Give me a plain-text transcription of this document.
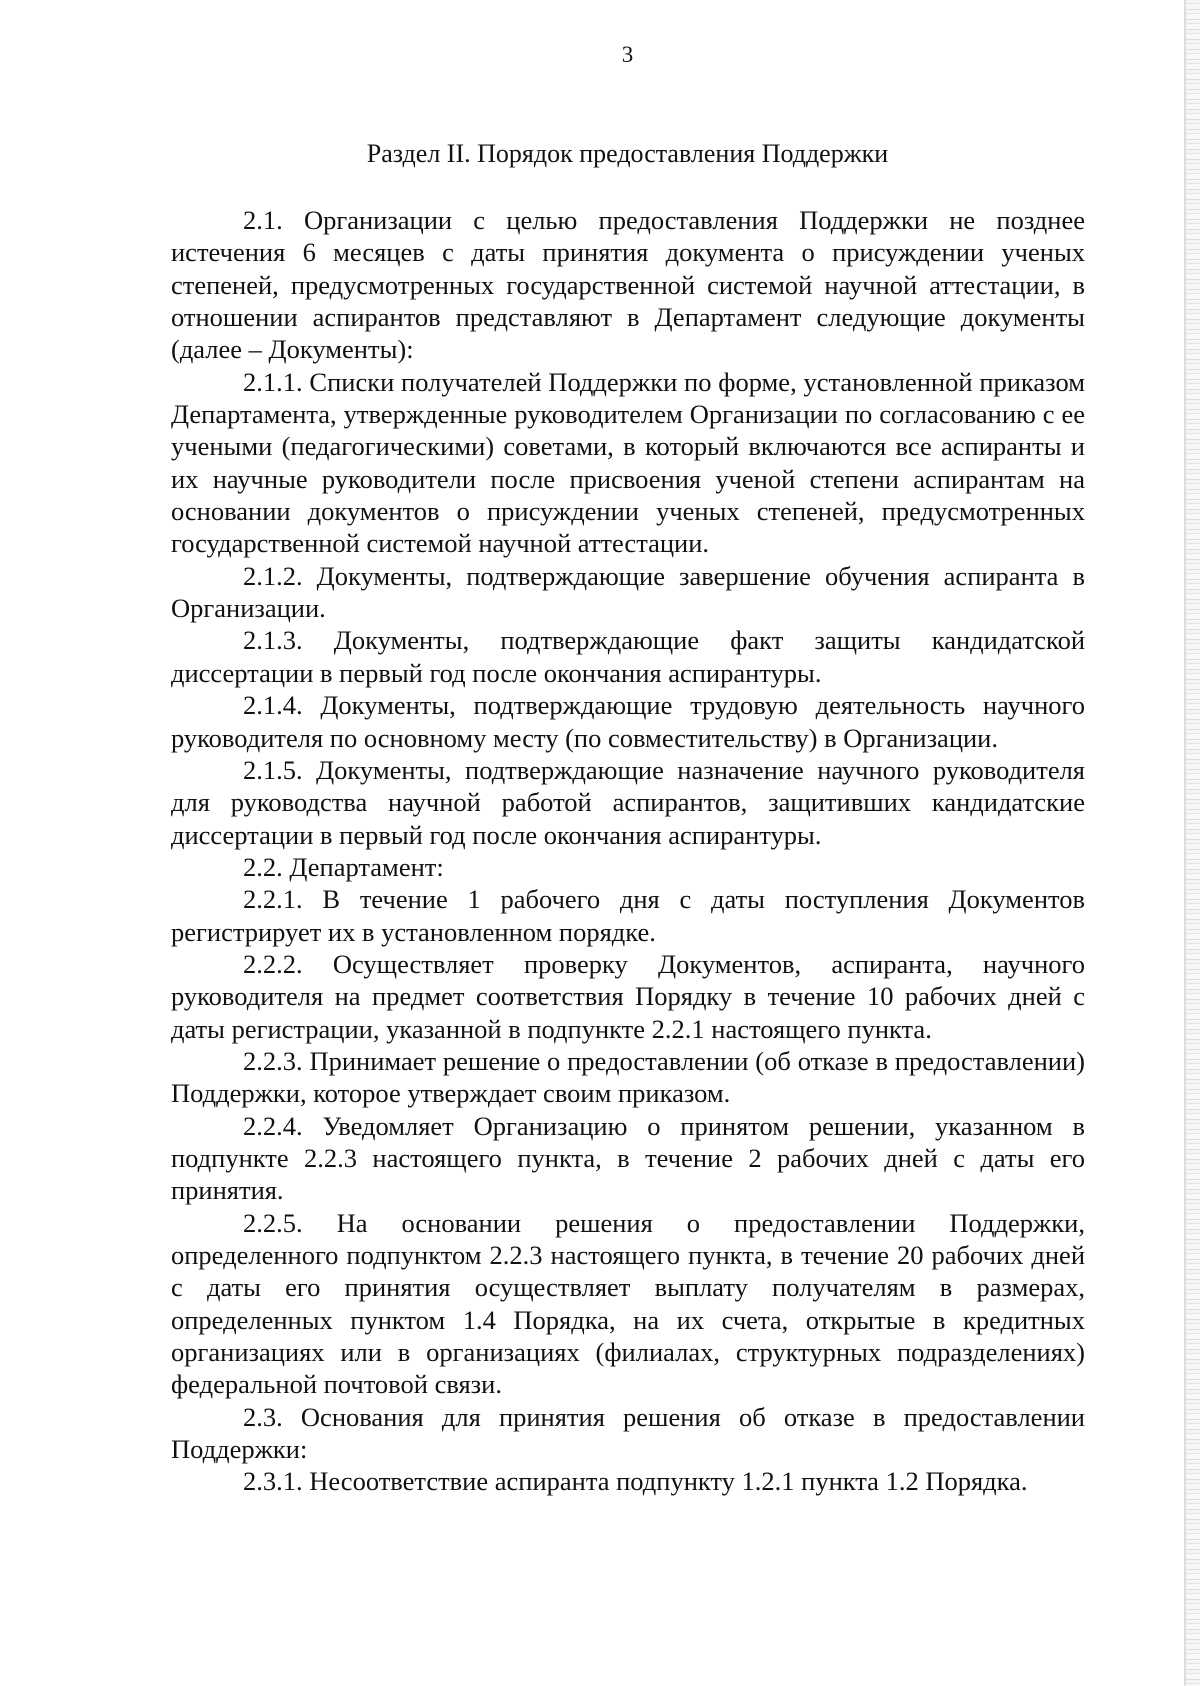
3
Раздел II. Порядок предоставления Поддержки

2.1. Организации с целью предоставления Поддержки не позднее истечения 6 месяцев с даты принятия документа о присуждении ученых степеней, предусмотренных государственной системой научной аттестации, в отношении аспирантов представляют в Департамент следующие документы (далее – Документы):

2.1.1. Списки получателей Поддержки по форме, установленной приказом Департамента, утвержденные руководителем Организации по согласованию с ее учеными (педагогическими) советами, в который включаются все аспиранты и их научные руководители после присвоения ученой степени аспирантам на основании документов о присуждении ученых степеней, предусмотренных государственной системой научной аттестации.

2.1.2. Документы, подтверждающие завершение обучения аспиранта в Организации.

2.1.3. Документы, подтверждающие факт защиты кандидатской диссертации в первый год после окончания аспирантуры.

2.1.4. Документы, подтверждающие трудовую деятельность научного руководителя по основному месту (по совместительству) в Организации.

2.1.5. Документы, подтверждающие назначение научного руководителя для руководства научной работой аспирантов, защитивших кандидатские диссертации в первый год после окончания аспирантуры.

2.2. Департамент:

2.2.1. В течение 1 рабочего дня с даты поступления Документов регистрирует их в установленном порядке.

2.2.2. Осуществляет проверку Документов, аспиранта, научного руководителя на предмет соответствия Порядку в течение 10 рабочих дней с даты регистрации, указанной в подпункте 2.2.1 настоящего пункта.

2.2.3. Принимает решение о предоставлении (об отказе в предоставлении) Поддержки, которое утверждает своим приказом.

2.2.4. Уведомляет Организацию о принятом решении, указанном в подпункте 2.2.3 настоящего пункта, в течение 2 рабочих дней с даты его принятия.

2.2.5. На основании решения о предоставлении Поддержки, определенного подпунктом 2.2.3 настоящего пункта, в течение 20 рабочих дней с даты его принятия осуществляет выплату получателям в размерах, определенных пунктом 1.4 Порядка, на их счета, открытые в кредитных организациях или в организациях (филиалах, структурных подразделениях) федеральной почтовой связи.

2.3. Основания для принятия решения об отказе в предоставлении Поддержки:

2.3.1. Несоответствие аспиранта подпункту 1.2.1 пункта 1.2 Порядка.
